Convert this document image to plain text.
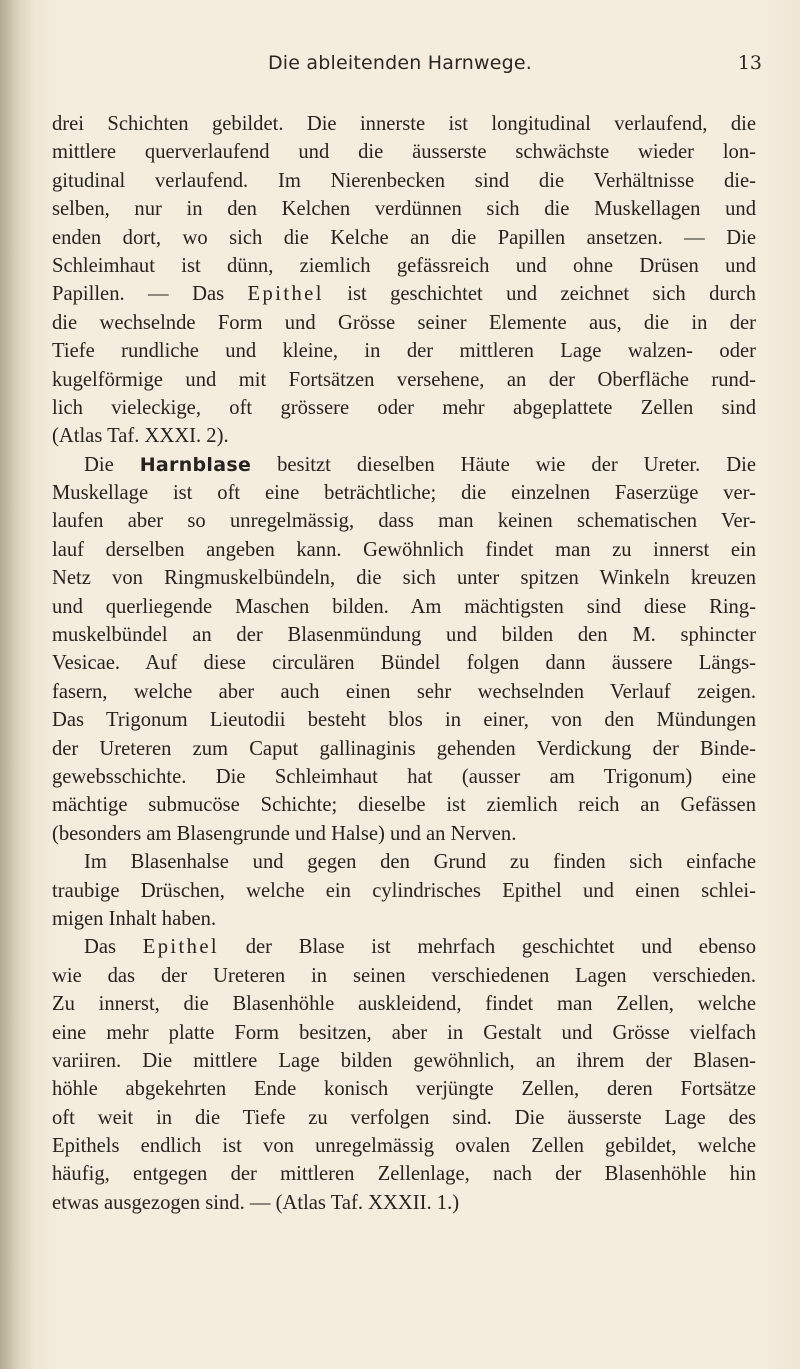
Die ableitenden Harnwege.	13
drei Schichten gebildet. Die innerste ist longitudinal verlaufend, die
mittlere querverlaufend und die äusserste schwächste wieder lon-
gitudinal verlaufend. Im Nierenbecken sind die Verhältnisse die-
selben, nur in den Kelchen verdünnen sich die Muskellagen und
enden dort, wo sich die Kelche an die Papillen ansetzen. — Die
Schleimhaut ist dünn, ziemlich gefässreich und ohne Drüsen und
Papillen. — Das Epithel ist geschichtet und zeichnet sich durch
die wechselnde Form und Grösse seiner Elemente aus, die in der
Tiefe rundliche und kleine, in der mittleren Lage walzen- oder
kugelförmige und mit Fortsätzen versehene, an der Oberfläche rund-
lich vieleckige, oft grössere oder mehr abgeplattete Zellen sind
(Atlas Taf. XXXI. 2).
Die Harnblase besitzt dieselben Häute wie der Ureter. Die
Muskellage ist oft eine beträchtliche; die einzelnen Faserzüge ver-
laufen aber so unregelmässig, dass man keinen schematischen Ver-
lauf derselben angeben kann. Gewöhnlich findet man zu innerst ein
Netz von Ringmuskelbündeln, die sich unter spitzen Winkeln kreuzen
und querliegende Maschen bilden. Am mächtigsten sind diese Ring-
muskelbündel an der Blasenmündung und bilden den M. sphincter
Vesicae. Auf diese circulären Bündel folgen dann äussere Längs-
fasern, welche aber auch einen sehr wechselnden Verlauf zeigen.
Das Trigonum Lieutodii besteht blos in einer, von den Mündungen
der Ureteren zum Caput gallinaginis gehenden Verdickung der Binde-
gewebsschichte. Die Schleimhaut hat (ausser am Trigonum) eine
mächtige submucöse Schichte; dieselbe ist ziemlich reich an Gefässen
(besonders am Blasengrunde und Halse) und an Nerven.
Im Blasenhalse und gegen den Grund zu finden sich einfache
traubige Drüschen, welche ein cylindrisches Epithel und einen schlei-
migen Inhalt haben.
Das Epithel der Blase ist mehrfach geschichtet und ebenso
wie das der Ureteren in seinen verschiedenen Lagen verschieden.
Zu innerst, die Blasenhöhle auskleidend, findet man Zellen, welche
eine mehr platte Form besitzen, aber in Gestalt und Grösse vielfach
variiren. Die mittlere Lage bilden gewöhnlich, an ihrem der Blasen-
höhle abgekehrten Ende konisch verjüngte Zellen, deren Fortsätze
oft weit in die Tiefe zu verfolgen sind. Die äusserste Lage des
Epithels endlich ist von unregelmässig ovalen Zellen gebildet, welche
häufig, entgegen der mittleren Zellenlage, nach der Blasenhöhle hin
etwas ausgezogen sind. — (Atlas Taf. XXXII. 1.)
